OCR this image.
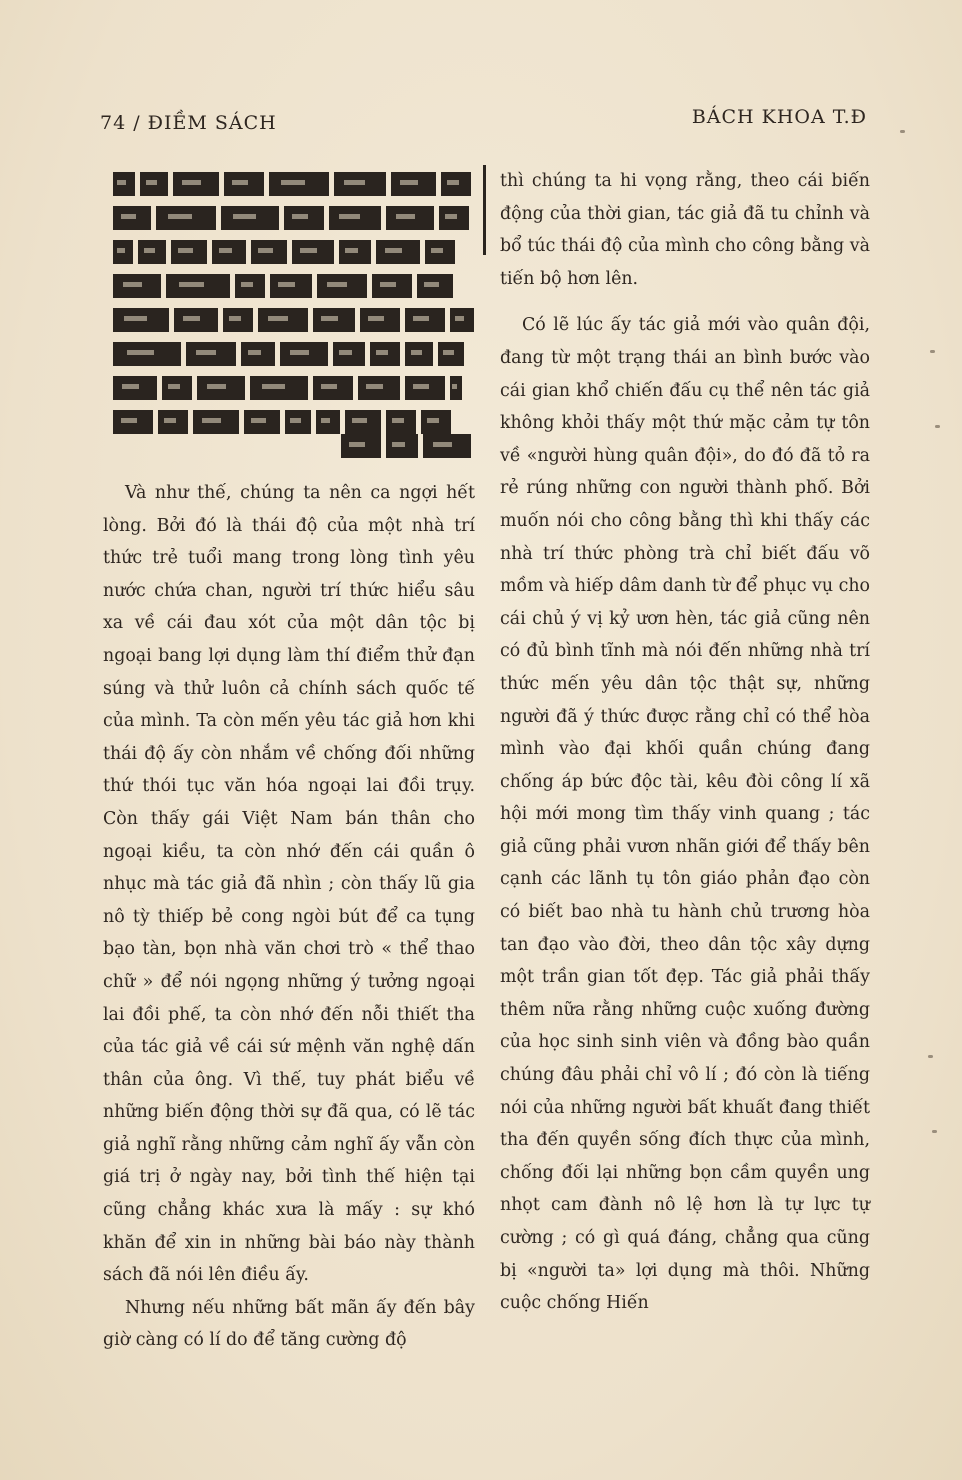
74 / ĐIỀM SÁCH	BÁCH KHOA T.Đ

Và như thế, chúng ta nên ca ngợi hết lòng. Bởi đó là thái độ của một nhà trí thức trẻ tuổi mang trong lòng tình yêu nước chứa chan, người trí thức hiểu sâu xa về cái đau xót của một dân tộc bị ngoại bang lợi dụng làm thí điểm thử đạn súng và thử luôn cả chính sách quốc tế của mình. Ta còn mến yêu tác giả hơn khi thái độ ấy còn nhắm về chống đối những thứ thói tục văn hóa ngoại lai đồi trụy. Còn thấy gái Việt Nam bán thân cho ngoại kiều, ta còn nhớ đến cái quần ô nhục mà tác giả đã nhìn ; còn thấy lũ gia nô tỳ thiếp bẻ cong ngòi bút để ca tụng bạo tàn, bọn nhà văn chơi trò « thể thao chữ » để nói ngọng những ý tưởng ngoại lai đồi phế, ta còn nhớ đến nỗi thiết tha của tác giả về cái sứ mệnh văn nghệ dấn thân của ông. Vì thế, tuy phát biểu về những biến động thời sự đã qua, có lẽ tác giả nghĩ rằng những cảm nghĩ ấy vẫn còn giá trị ở ngày nay, bởi tình thế hiện tại cũng chẳng khác xưa là mấy : sự khó khăn để xin in những bài báo này thành sách đã nói lên điều ấy.

Nhưng nếu những bất mãn ấy đến bây giờ càng có lí do để tăng cường độ

thì chúng ta hi vọng rằng, theo cái biến động của thời gian, tác giả đã tu chỉnh và bổ túc thái độ của mình cho công bằng và tiến bộ hơn lên.

Có lẽ lúc ấy tác giả mới vào quân đội, đang từ một trạng thái an bình bước vào cái gian khổ chiến đấu cụ thể nên tác giả không khỏi thấy một thứ mặc cảm tự tôn về «người hùng quân đội», do đó đã tỏ ra rẻ rúng những con người thành phố. Bởi muốn nói cho công bằng thì khi thấy các nhà trí thức phòng trà chỉ biết đấu võ mồm và hiếp dâm danh từ để phục vụ cho cái chủ ý vị kỷ ươn hèn, tác giả cũng nên có đủ bình tĩnh mà nói đến những nhà trí thức mến yêu dân tộc thật sự, những người đã ý thức được rằng chỉ có thể hòa mình vào đại khối quần chúng đang chống áp bức độc tài, kêu đòi công lí xã hội mới mong tìm thấy vinh quang ; tác giả cũng phải vươn nhãn giới để thấy bên cạnh các lãnh tụ tôn giáo phản đạo còn có biết bao nhà tu hành chủ trương hòa tan đạo vào đời, theo dân tộc xây dựng một trần gian tốt đẹp. Tác giả phải thấy thêm nữa rằng những cuộc xuống đường của học sinh sinh viên và đồng bào quần chúng đâu phải chỉ vô lí ; đó còn là tiếng nói của những người bất khuất đang thiết tha đến quyền sống đích thực của mình, chống đối lại những bọn cầm quyền ung nhọt cam đành nô lệ hơn là tự lực tự cường ; có gì quá đáng, chẳng qua cũng bị «người ta» lợi dụng mà thôi. Những cuộc chống Hiến
